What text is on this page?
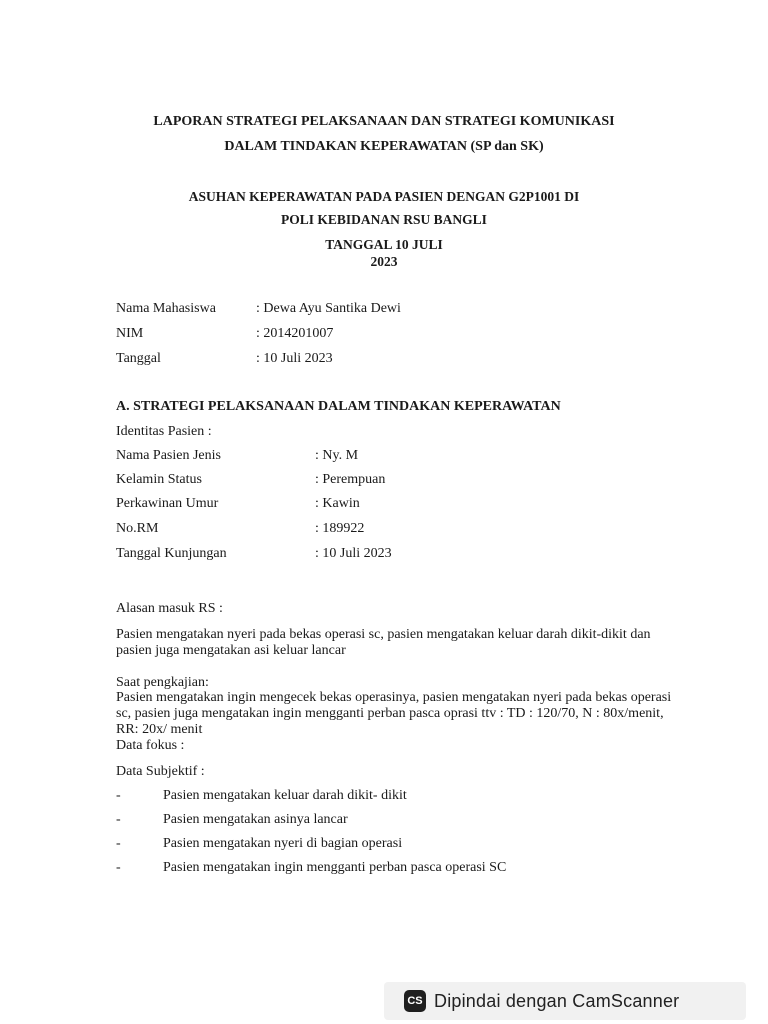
LAPORAN STRATEGI PELAKSANAAN DAN STRATEGI KOMUNIKASI
DALAM TINDAKAN KEPERAWATAN (SP dan SK)
ASUHAN KEPERAWATAN PADA PASIEN DENGAN G2P1001 DI
POLI KEBIDANAN RSU BANGLI
TANGGAL 10 JULI
2023
Nama Mahasiswa	: Dewa Ayu Santika Dewi
NIM	: 2014201007
Tanggal	: 10 Juli 2023
A. STRATEGI PELAKSANAAN DALAM TINDAKAN KEPERAWATAN
Identitas Pasien :
Nama Pasien Jenis	: Ny. M
Kelamin Status	: Perempuan
Perkawinan Umur	: Kawin
No.RM	: 189922
Tanggal Kunjungan	: 10 Juli 2023
Alasan masuk RS :
Pasien mengatakan nyeri pada bekas operasi sc, pasien mengatakan keluar darah dikit-dikit dan pasien juga mengatakan asi keluar lancar
Saat pengkajian:
Pasien mengatakan ingin mengecek bekas operasinya, pasien mengatakan nyeri pada bekas operasi sc, pasien juga mengatakan ingin mengganti perban pasca oprasi ttv : TD : 120/70, N : 80x/menit, RR: 20x/ menit
Data fokus :
Data Subjektif :
-	Pasien mengatakan keluar darah dikit- dikit
-	Pasien mengatakan asinya lancar
-	Pasien mengatakan nyeri di bagian operasi
-	Pasien mengatakan ingin mengganti perban pasca operasi SC
CS Dipindai dengan CamScanner
